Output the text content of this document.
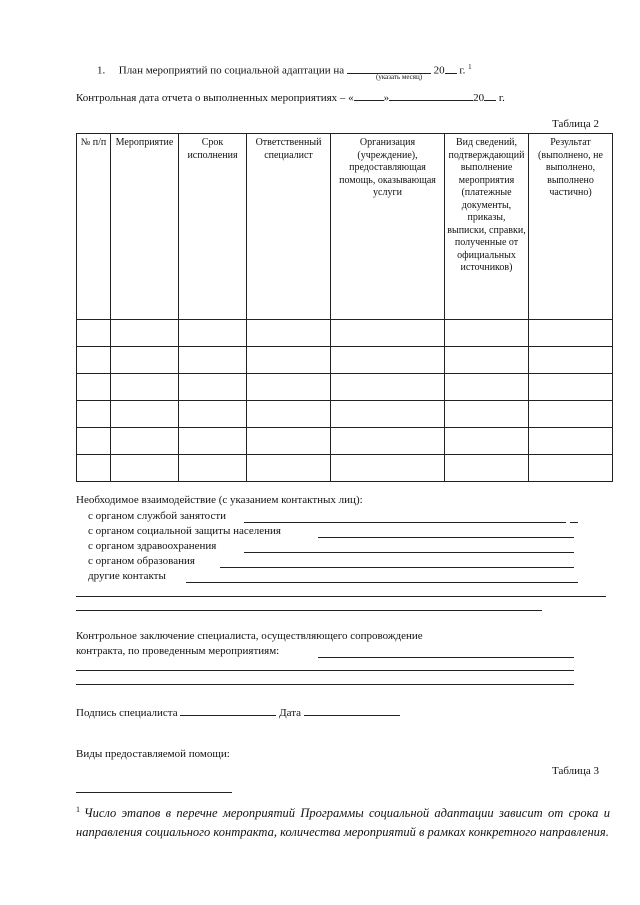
1. План мероприятий по социальной адаптации на	20 г. $^1$
(указать месяц)
Контрольная дата отчета о выполненных мероприятиях – «	»	20 г.
Таблица 2
№ п/п	Мероприятие	Срок исполнения	Ответственный специалист	Организация (учреждение), предоставляющая помощь, оказывающая услуги	Вид сведений, подтверждающий выполнение мероприятия (платежные документы, приказы, выписки, справки, полученные от официальных источников)	Результат (выполнено, не выполнено, выполнено частично)

Необходимое взаимодействие (с указанием контактных лиц):
с органом службой занятости
с органом социальной защиты населения
с органом здравоохранения
с органом образования
другие контакты
Контрольное заключение специалиста, осуществляющего сопровождение
контракта, по проведенным мероприятиям:
Подпись специалиста	Дата
Виды предоставляемой помощи:
Таблица 3
$^1$ Число этапов в перечне мероприятий Программы социальной адаптации зависит от срока и направления социального контракта, количества мероприятий в рамках конкретного направления.
